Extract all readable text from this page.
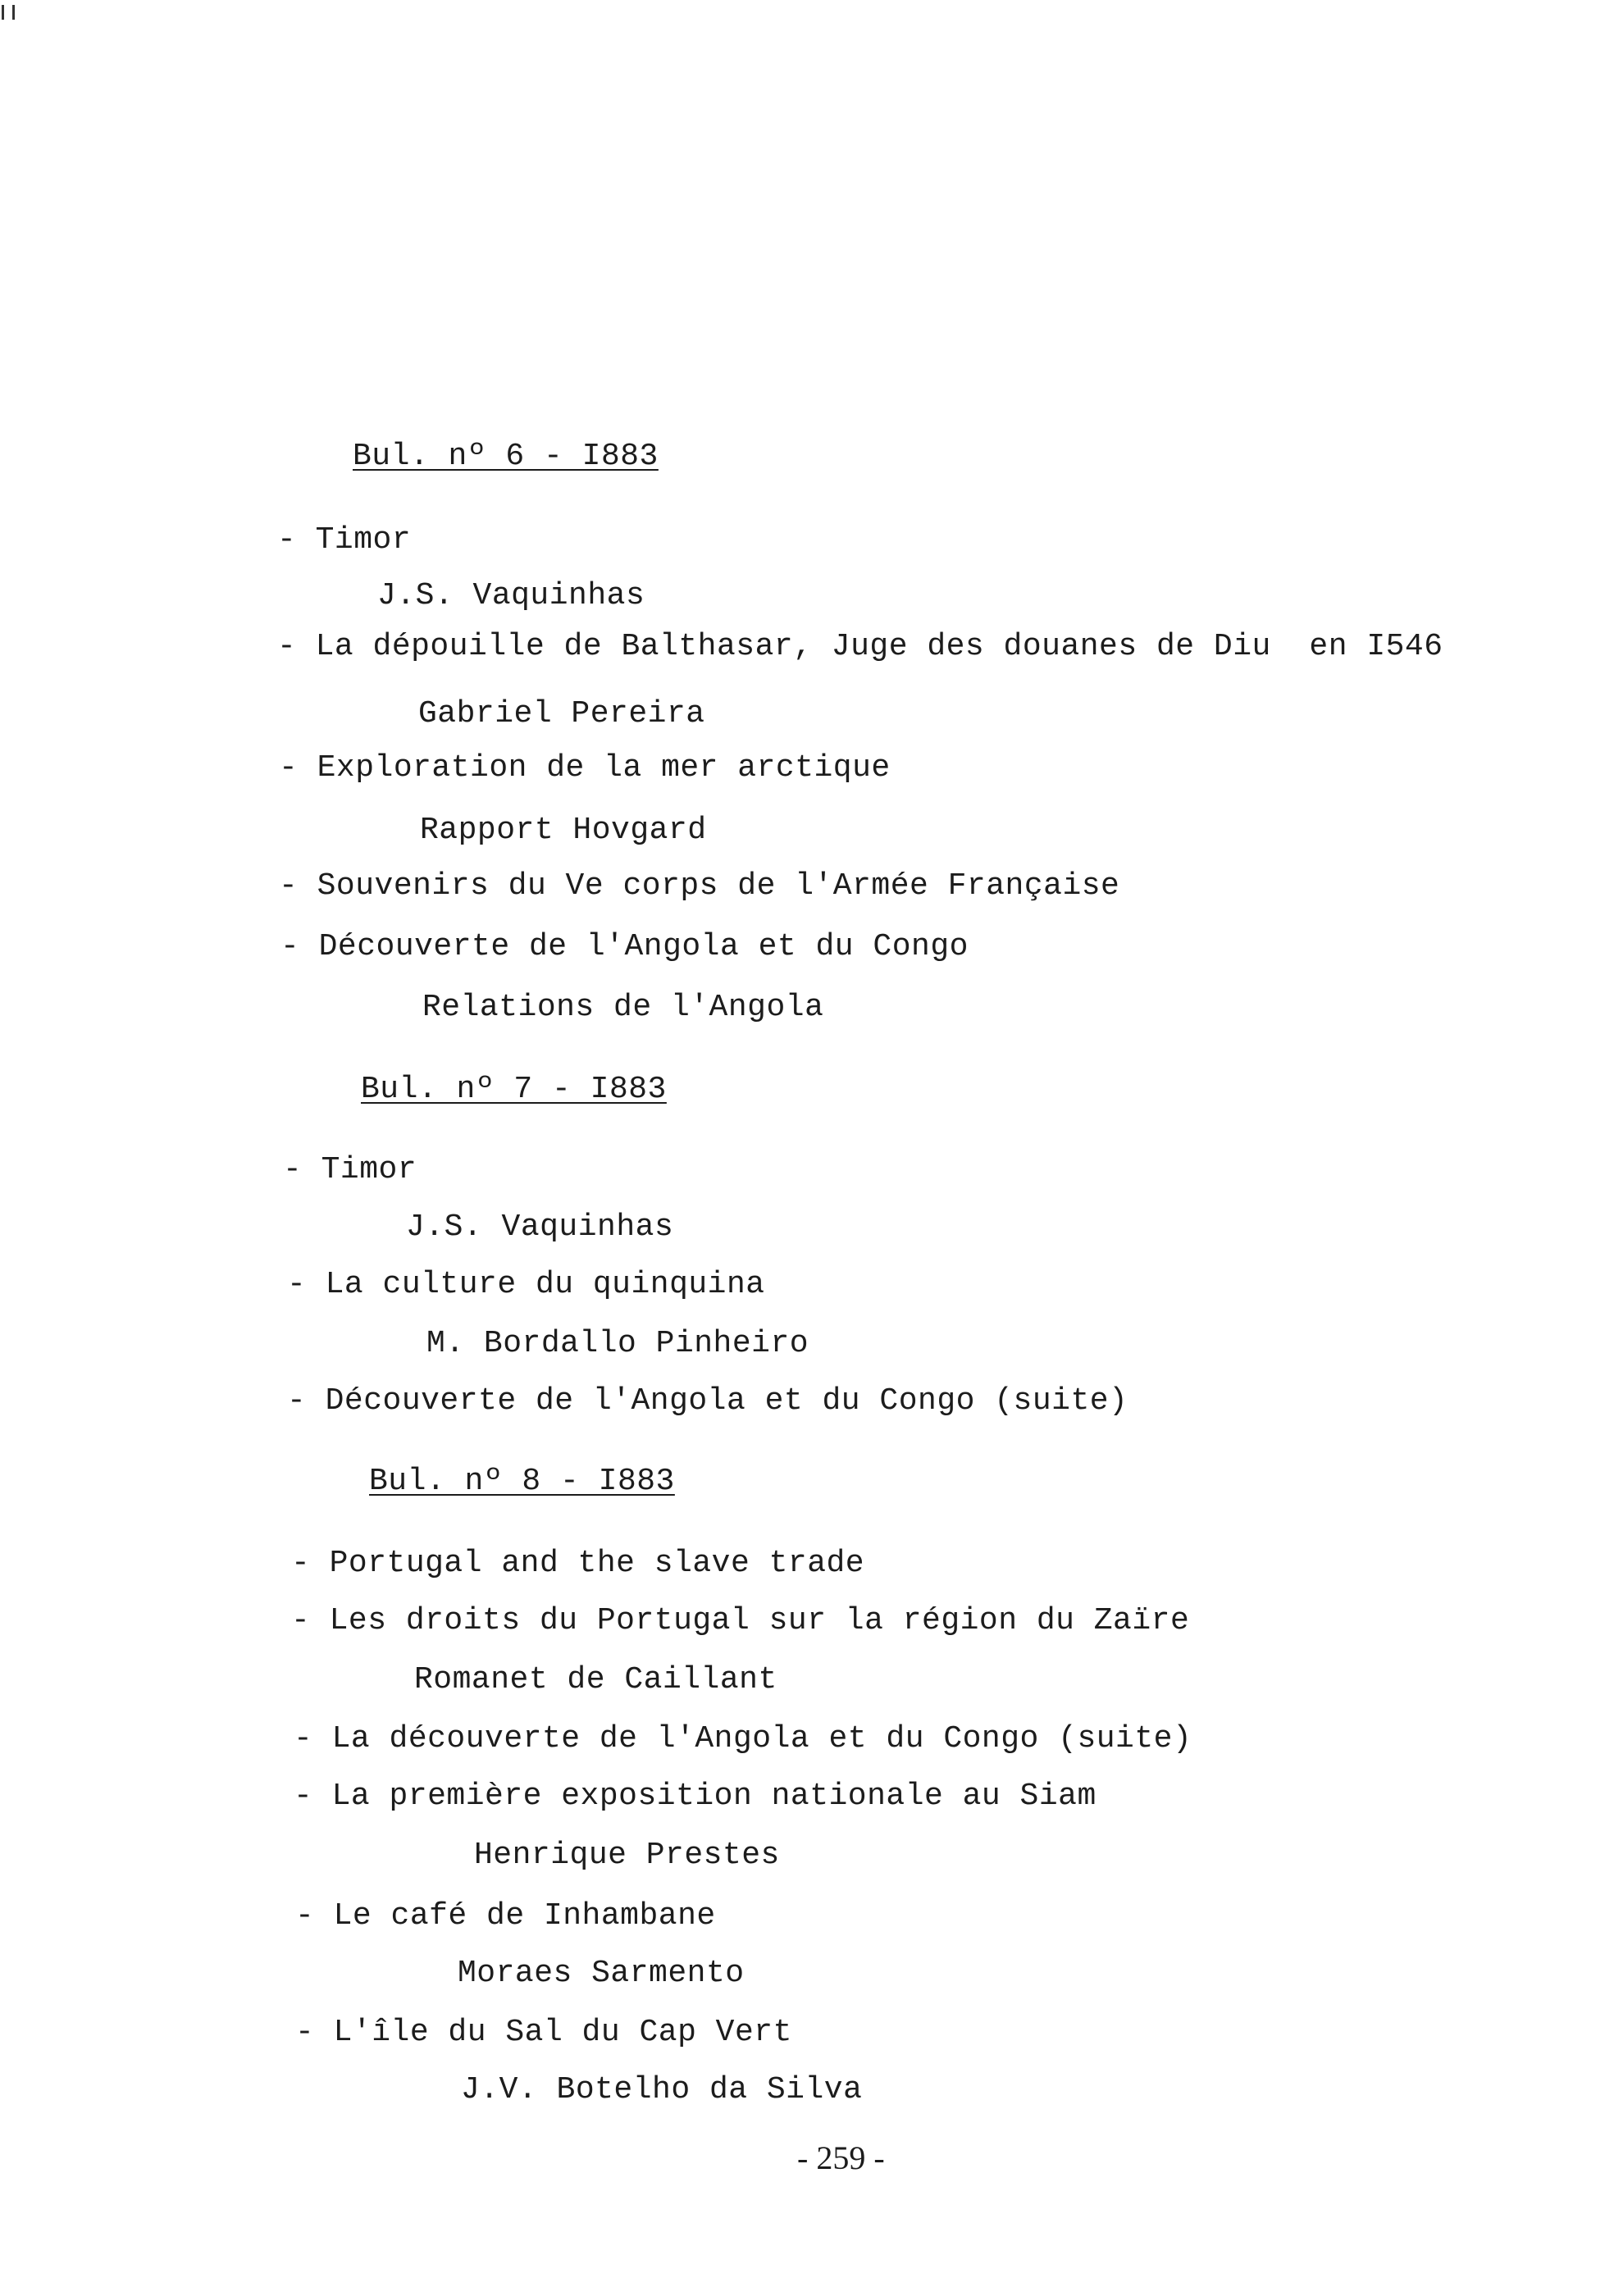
Bul. nº 6 - I883
- Timor
J.S. Vaquinhas
- La dépouille de Balthasar, Juge des douanes de Diu  en I546
Gabriel Pereira
- Exploration de la mer arctique
Rapport Hovgard
- Souvenirs du Ve corps de l'Armée Française
- Découverte de l'Angola et du Congo
Relations de l'Angola
Bul. nº 7 - I883
- Timor
J.S. Vaquinhas
- La culture du quinquina
M. Bordallo Pinheiro
- Découverte de l'Angola et du Congo (suite)
Bul. nº 8 - I883
- Portugal and the slave trade
- Les droits du Portugal sur la région du Zaïre
Romanet de Caillant
- La découverte de l'Angola et du Congo (suite)
- La première exposition nationale au Siam
Henrique Prestes
- Le café de Inhambane
Moraes Sarmento
- L'île du Sal du Cap Vert
J.V. Botelho da Silva
- 259 -
